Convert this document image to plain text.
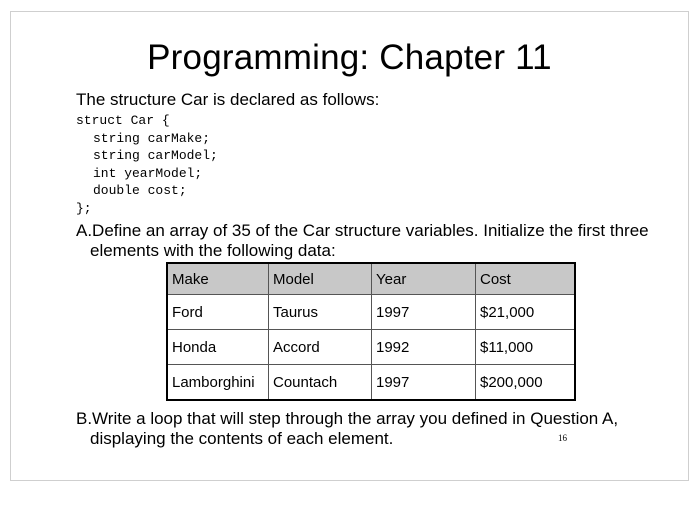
Programming: Chapter 11
The structure Car is declared as follows:
struct Car {
string carMake;
string carModel;
int yearModel;
double cost;
};
A.Define an array of 35 of the Car structure variables. Initialize the first three elements with the following data:
Make	Model	Year	Cost
Ford	Taurus	1997	$21,000
Honda	Accord	1992	$11,000
Lamborghini	Countach	1997	$200,000
B.Write a loop that will step through the array you defined in Question A, displaying the contents of each element.	16
